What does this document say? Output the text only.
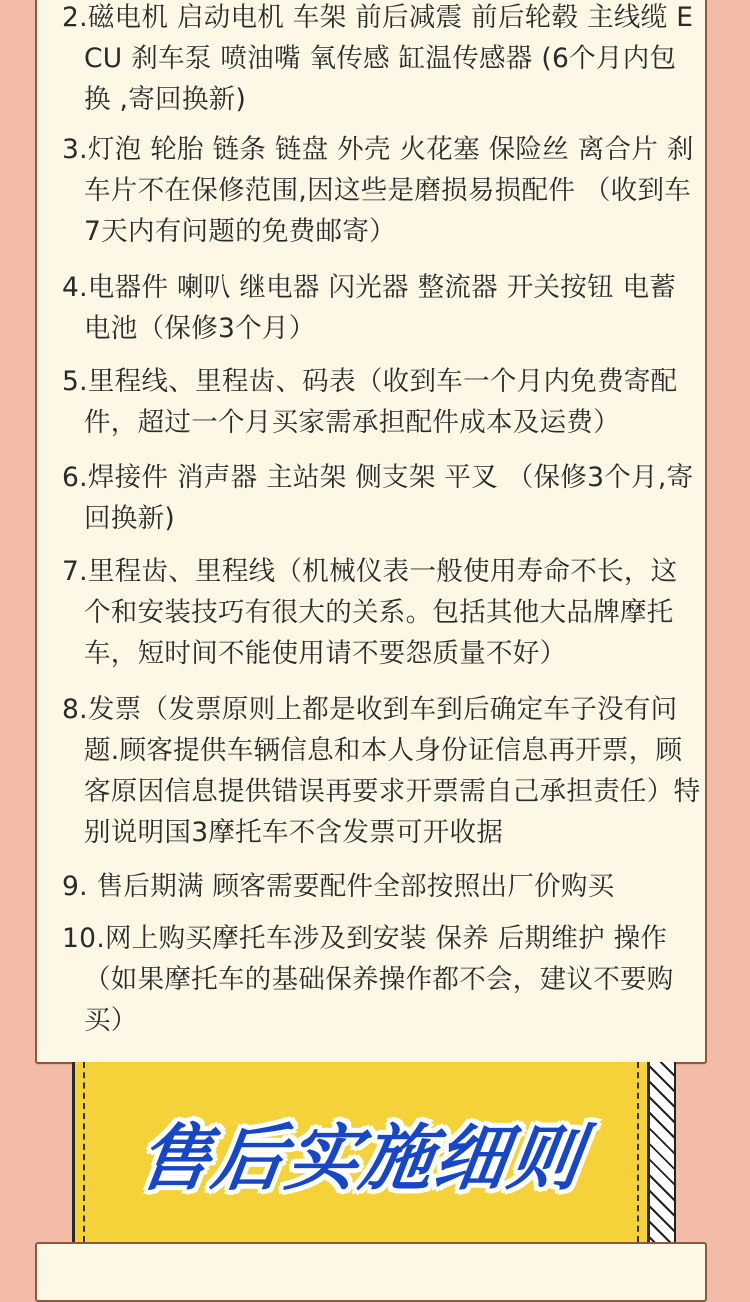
2.磁电机 启动电机 车架 前后减震 前后轮毂 主线缆 ECU 刹车泵 喷油嘴 氧传感 缸温传感器 (6个月内包换 ,寄回换新)
3.灯泡 轮胎 链条 链盘 外壳 火花塞 保险丝 离合片 刹车片不在保修范围,因这些是磨损易损配件 （收到车7天内有问题的免费邮寄）
4.电器件 喇叭 继电器 闪光器 整流器 开关按钮 电蓄电池（保修3个月）
5.里程线、里程齿、码表（收到车一个月内免费寄配件，超过一个月买家需承担配件成本及运费）
6.焊接件 消声器 主站架 侧支架 平叉 （保修3个月,寄回换新)
7.里程齿、里程线（机械仪表一般使用寿命不长，这个和安装技巧有很大的关系。包括其他大品牌摩托车，短时间不能使用请不要怨质量不好）
8.发票（发票原则上都是收到车到后确定车子没有问题.顾客提供车辆信息和本人身份证信息再开票，顾客原因信息提供错误再要求开票需自己承担责任）特别说明国3摩托车不含发票可开收据
9. 售后期满 顾客需要配件全部按照出厂价购买
10.网上购买摩托车涉及到安装 保养 后期维护 操作（如果摩托车的基础保养操作都不会，建议不要购买）
售后实施细则
